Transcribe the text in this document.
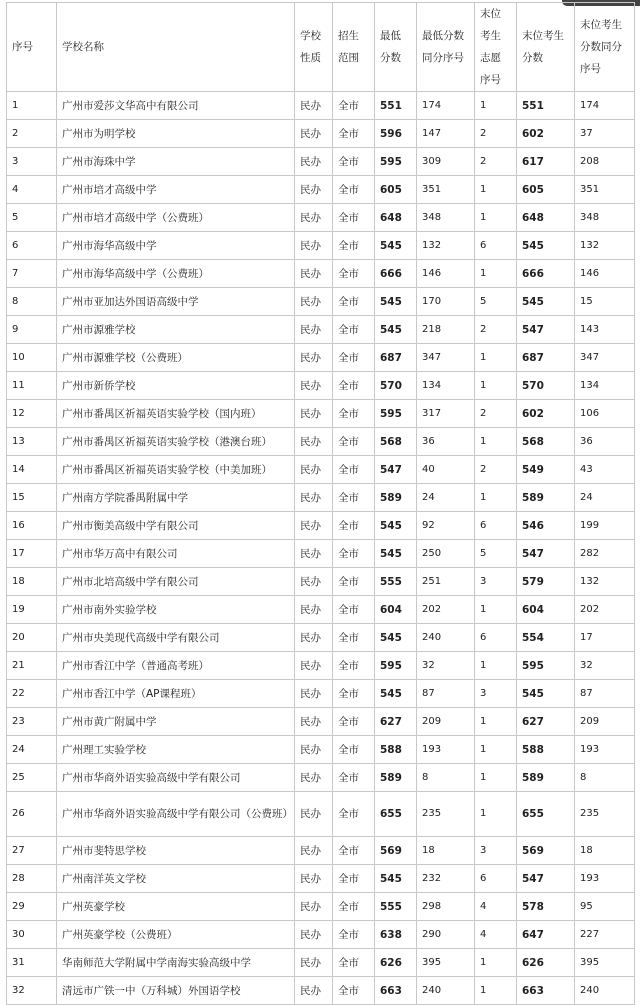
序号	学校名称	学校性质	招生范围	最低分数	最低分数同分序号	末位考生志愿序号	末位考生分数	末位考生分数同分序号
1	广州市爱莎文华高中有限公司	民办	全市	551	174	1	551	174
2	广州市为明学校	民办	全市	596	147	2	602	37
3	广州市海珠中学	民办	全市	595	309	2	617	208
4	广州市培才高级中学	民办	全市	605	351	1	605	351
5	广州市培才高级中学（公费班）	民办	全市	648	348	1	648	348
6	广州市海华高级中学	民办	全市	545	132	6	545	132
7	广州市海华高级中学（公费班）	民办	全市	666	146	1	666	146
8	广州市亚加达外国语高级中学	民办	全市	545	170	5	545	15
9	广州市源雅学校	民办	全市	545	218	2	547	143
10	广州市源雅学校（公费班）	民办	全市	687	347	1	687	347
11	广州市新侨学校	民办	全市	570	134	1	570	134
12	广州市番禺区祈福英语实验学校（国内班）	民办	全市	595	317	2	602	106
13	广州市番禺区祈福英语实验学校（港澳台班）	民办	全市	568	36	1	568	36
14	广州市番禺区祈福英语实验学校（中美加班）	民办	全市	547	40	2	549	43
15	广州南方学院番禺附属中学	民办	全市	589	24	1	589	24
16	广州市衡美高级中学有限公司	民办	全市	545	92	6	546	199
17	广州市华万高中有限公司	民办	全市	545	250	5	547	282
18	广州市北培高级中学有限公司	民办	全市	555	251	3	579	132
19	广州市南外实验学校	民办	全市	604	202	1	604	202
20	广州市央美现代高级中学有限公司	民办	全市	545	240	6	554	17
21	广州市香江中学（普通高考班）	民办	全市	595	32	1	595	32
22	广州市香江中学（AP课程班）	民办	全市	545	87	3	545	87
23	广州市黄广附属中学	民办	全市	627	209	1	627	209
24	广州理工实验学校	民办	全市	588	193	1	588	193
25	广州市华商外语实验高级中学有限公司	民办	全市	589	8	1	589	8
26	广州市华商外语实验高级中学有限公司（公费班）	民办	全市	655	235	1	655	235
27	广州市斐特思学校	民办	全市	569	18	3	569	18
28	广州南洋英文学校	民办	全市	545	232	6	547	193
29	广州英豪学校	民办	全市	555	298	4	578	95
30	广州英豪学校（公费班）	民办	全市	638	290	4	647	227
31	华南师范大学附属中学南海实验高级中学	民办	全市	626	395	1	626	395
32	清远市广铁一中（万科城）外国语学校	民办	全市	663	240	1	663	240
